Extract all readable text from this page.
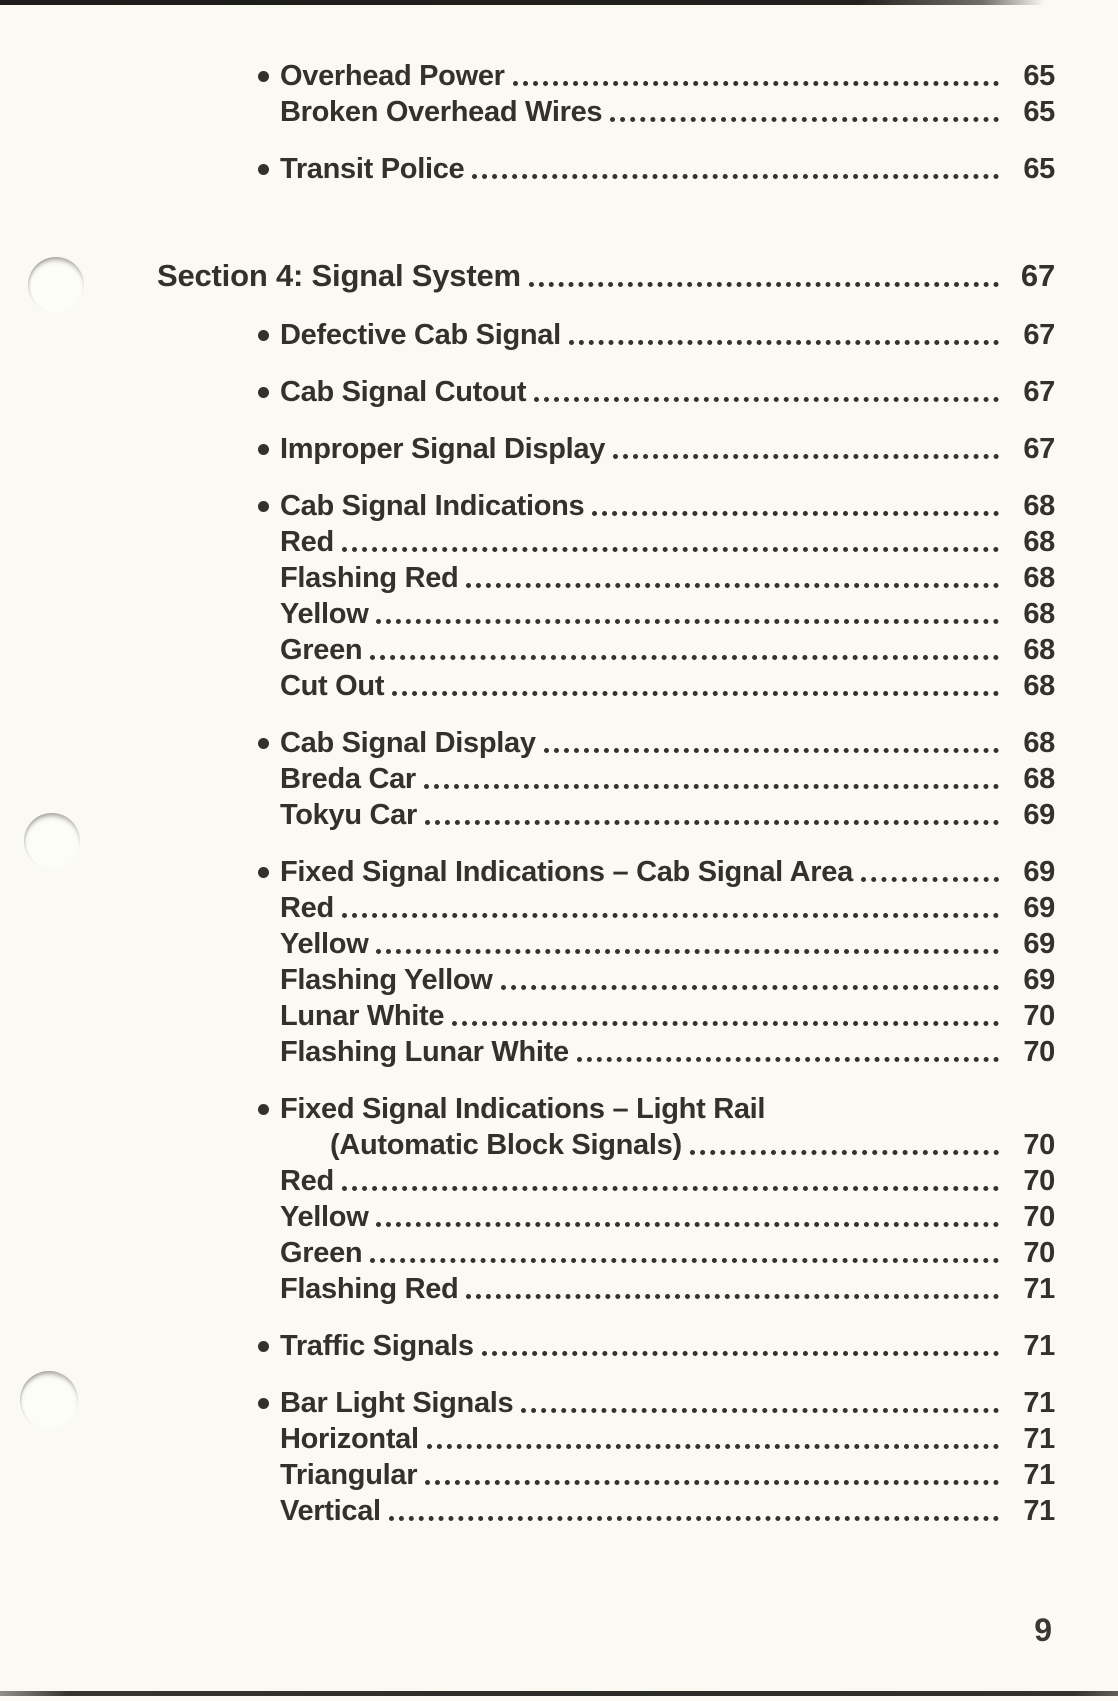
Overhead Power	65
Broken Overhead Wires	65
Transit Police	65
Section 4: Signal System	67
Defective Cab Signal	67
Cab Signal Cutout	67
Improper Signal Display	67
Cab Signal Indications	68
Red	68
Flashing Red	68
Yellow	68
Green	68
Cut Out	68
Cab Signal Display	68
Breda Car	68
Tokyu Car	69
Fixed Signal Indications – Cab Signal Area	69
Red	69
Yellow	69
Flashing Yellow	69
Lunar White	70
Flashing Lunar White	70
Fixed Signal Indications – Light Rail
(Automatic Block Signals)	70
Red	70
Yellow	70
Green	70
Flashing Red	71
Traffic Signals	71
Bar Light Signals	71
Horizontal	71
Triangular	71
Vertical	71
9
